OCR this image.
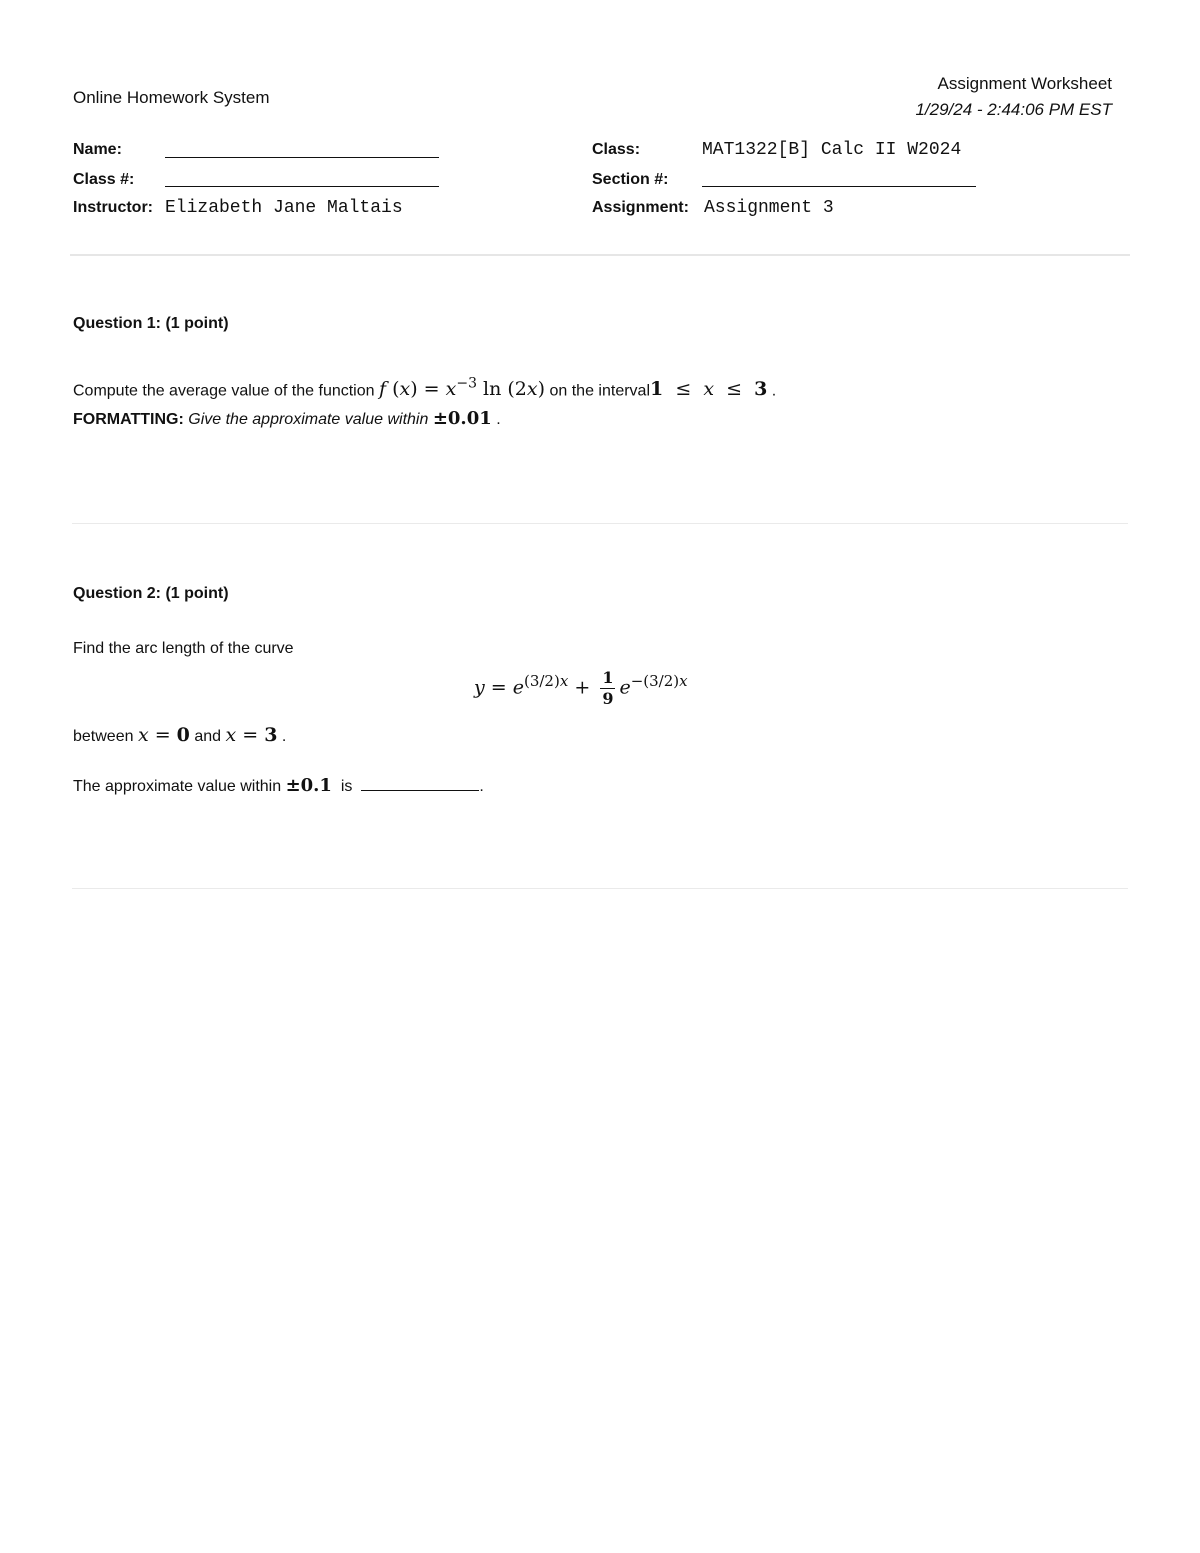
Online Homework System
Assignment Worksheet
1/29/24 - 2:44:06 PM EST
Name:
Class #:
Instructor: Elizabeth Jane Maltais
Class:	MAT1322[B] Calc II W2024
Section #:
Assignment: Assignment 3
Question 1: (1 point)
Compute the average value of the function f $(x) = x^{-3}$ ln (2x) on the interval1  ≤  x  ≤  3 .
FORMATTING: Give the approximate value within ±0.01 .
Question 2: (1 point)
Find the arc length of the curve
$y = e^{(3/2)x} + \frac{1}{9} e^{-(3/2)x}$
between x = 0 and x = 3 .
The approximate value within ±0.1 is	.
